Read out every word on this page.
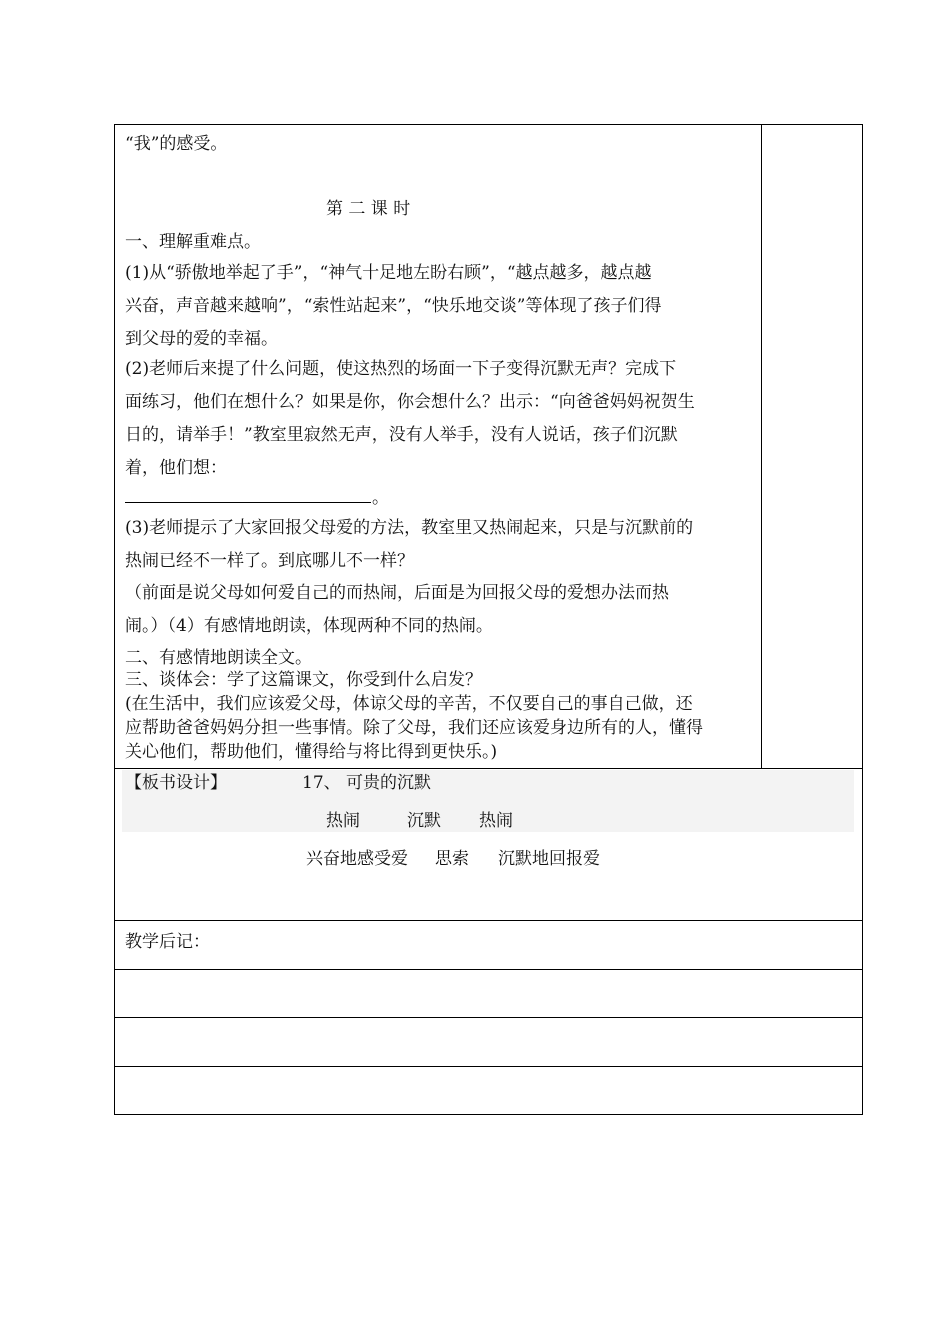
“我”的感受。
第 二 课 时
一、理解重难点。
(1)从“骄傲地举起了手”，“神气十足地左盼右顾”，“越点越多，越点越
兴奋，声音越来越响”，“索性站起来”，“快乐地交谈”等体现了孩子们得
到父母的爱的幸福。
(2)老师后来提了什么问题，使这热烈的场面一下子变得沉默无声？完成下
面练习，他们在想什么？如果是你，你会想什么？出示：“向爸爸妈妈祝贺生
日的，请举手！”教室里寂然无声，没有人举手，没有人说话，孩子们沉默
着，他们想：
。
(3)老师提示了大家回报父母爱的方法，教室里又热闹起来，只是与沉默前的
热闹已经不一样了。到底哪儿不一样？
（前面是说父母如何爱自己的而热闹，后面是为回报父母的爱想办法而热
闹。）（4）有感情地朗读，体现两种不同的热闹。
二、有感情地朗读全文。
三、谈体会：学了这篇课文，你受到什么启发？
(在生活中，我们应该爱父母，体谅父母的辛苦，不仅要自己的事自己做，还
应帮助爸爸妈妈分担一些事情。除了父母，我们还应该爱身边所有的人，懂得
关心他们，帮助他们，懂得给与将比得到更快乐。)
【板书设计】	17、 可贵的沉默
热闹	沉默 热闹
兴奋地感受爱 思索 沉默地回报爱
教学后记：
